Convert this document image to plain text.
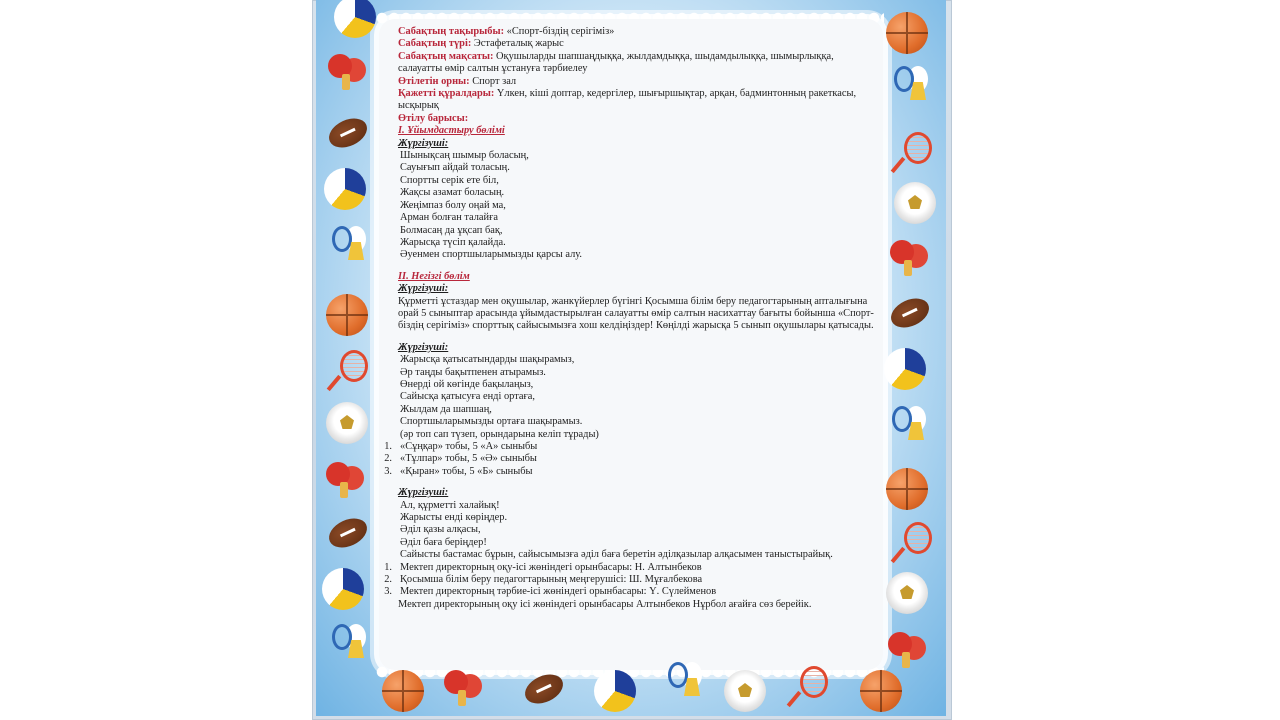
Сабақтың тақырыбы: «Спорт-біздің серігіміз»

Сабақтың түрі: Эстафеталық жарыс

Сабақтың мақсаты: Оқушыларды шапшаңдыққа, жылдамдыққа, шыдамдылыққа, шымырлыққа, салауатты өмір салтын ұстануға тәрбиелеу

Өтілетін орны: Спорт зал

Қажетті құралдары: Үлкен, кіші доптар, кедергілер, шығыршықтар, арқан, бадминтонның ракеткасы, ысқырық

Өтілу барысы:

І. Ұйымдастыру бөлімі

Жүргізуші:

Шынықсаң шымыр боласың,

Сауығып айдай толасың.

Спортты серік ете біл,

Жақсы азамат боласың.

Жеңімпаз болу оңай ма,

Арман болған талайға

Болмасаң да ұқсап бақ,

Жарысқа түсіп қалайда.

Әуенмен спортшыларымызды қарсы алу.

ІІ. Негізгі бөлім

Жүргізуші:

Құрметті ұстаздар мен оқушылар, жанкүйерлер бүгінгі Қосымша білім беру педагогтарының апталығына орай 5 сыныптар арасында ұйымдастырылған салауатты өмір салтын насихаттау бағыты бойынша «Спорт-біздің серігіміз» спорттық сайысымызға хош келдіңіздер! Көңілді жарысқа 5 сынып оқушылары қатысады.

Жүргізуші:

Жарысқа қатысатындарды шақырамыз,

Әр таңды бақытпенен атырамыз.

Өнерді ой көгінде бақылаңыз,

Сайысқа қатысуға енді ортаға,

Жылдам да шапшаң,

Спортшыларымызды ортаға шақырамыз.

(әр топ сап түзеп, орындарына келіп тұрады)

1. «Сұңқар» тобы, 5 «А» сыныбы
2. «Тұлпар» тобы, 5 «Ә» сыныбы
3. «Қыран» тобы, 5 «Б» сыныбы

Жүргізуші:

Ал, құрметті халайық!

Жарысты енді көріңдер.

Әділ қазы алқасы,

Әділ баға беріңдер!

Сайысты бастамас бұрын, сайысымызға әділ баға беретін әділқазылар алқасымен таныстырайық.

1. Мектеп директорның оқу-ісі жөніндегі орынбасары: Н. Алтынбеков
2. Қосымша білім беру педагогтарының меңгерушісі: Ш. Мұғалбекова
3. Мектеп директорның тәрбие-ісі жөніндегі орынбасары: Ү. Сүлейменов

Мектеп директорының оқу ісі жөніндегі орынбасары Алтынбеков Нұрбол ағайға сөз берейік.
